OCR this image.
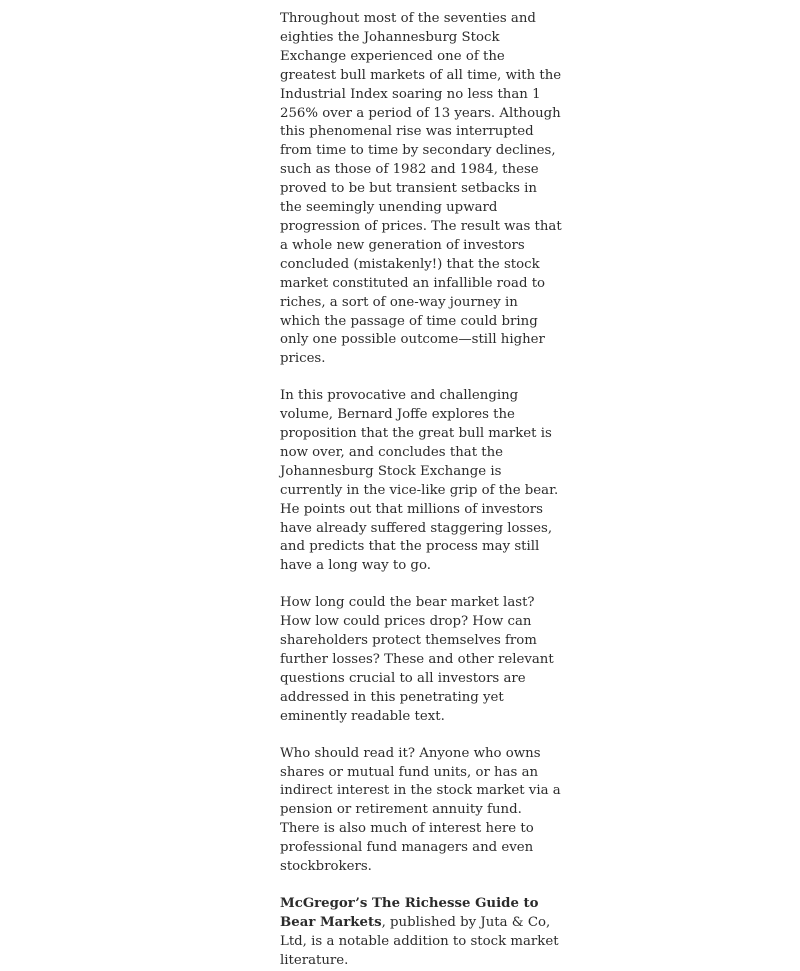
Throughout most of the seventies and eighties the Johannesburg Stock Exchange experienced one of the greatest bull markets of all time, with the Industrial Index soaring no less than 1 256% over a period of 13 years. Although this phenomenal rise was interrupted from time to time by secondary declines, such as those of 1982 and 1984, these proved to be but transient setbacks in the seemingly unending upward progression of prices. The result was that a whole new generation of investors concluded (mistakenly!) that the stock market constituted an infallible road to riches, a sort of one-way journey in which the passage of time could bring only one possible outcome—still higher prices.

In this provocative and challenging volume, Bernard Joffe explores the proposition that the great bull market is now over, and concludes that the Johannesburg Stock Exchange is currently in the vice-like grip of the bear. He points out that millions of investors have already suffered staggering losses, and predicts that the process may still have a long way to go.

How long could the bear market last? How low could prices drop? How can shareholders protect themselves from further losses? These and other relevant questions crucial to all investors are addressed in this penetrating yet eminently readable text.

Who should read it? Anyone who owns shares or mutual fund units, or has an indirect interest in the stock market via a pension or retirement annuity fund. There is also much of interest here to professional fund managers and even stockbrokers.

McGregor’s The Richesse Guide to Bear Markets, published by Juta & Co, Ltd, is a notable addition to stock market literature.
